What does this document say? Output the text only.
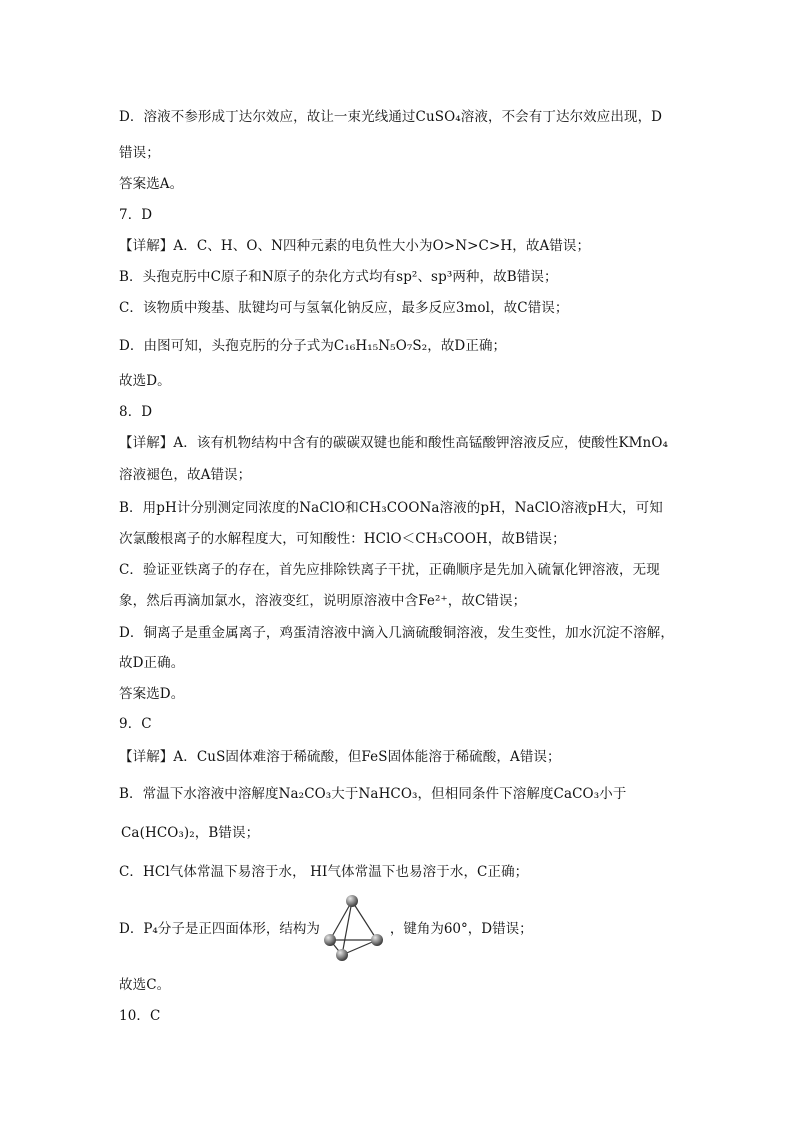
D．溶液不参形成丁达尔效应，故让一束光线通过CuSO₄溶液，不会有丁达尔效应出现，D
错误；
答案选A。
7．D
【详解】A．C、H、O、N四种元素的电负性大小为O>N>C>H，故A错误；
B．头孢克肟中C原子和N原子的杂化方式均有sp²、sp³两种，故B错误；
C．该物质中羧基、肽键均可与氢氧化钠反应，最多反应3mol，故C错误；
D．由图可知，头孢克肟的分子式为C₁₆H₁₅N₅O₇S₂，故D正确；
故选D。
8．D
【详解】A．该有机物结构中含有的碳碳双键也能和酸性高锰酸钾溶液反应，使酸性KMnO₄
溶液褪色，故A错误；
B．用pH计分别测定同浓度的NaClO和CH₃COONa溶液的pH，NaClO溶液pH大，可知
次氯酸根离子的水解程度大，可知酸性：HClO＜CH₃COOH，故B错误；
C．验证亚铁离子的存在，首先应排除铁离子干扰，正确顺序是先加入硫氰化钾溶液，无现
象，然后再滴加氯水，溶液变红，说明原溶液中含Fe²⁺，故C错误；
D．铜离子是重金属离子，鸡蛋清溶液中滴入几滴硫酸铜溶液，发生变性，加水沉淀不溶解，
故D正确。
答案选D。
9．C
【详解】A．CuS固体难溶于稀硫酸，但FeS固体能溶于稀硫酸，A错误；
B．常温下水溶液中溶解度Na₂CO₃大于NaHCO₃，但相同条件下溶解度CaCO₃小于
Ca(HCO₃)₂，B错误；
C．HCl气体常温下易溶于水， HI气体常温下也易溶于水，C正确；
D．P₄分子是正四面体形，结构为	，键角为60°，D错误；
故选C。
10．C
